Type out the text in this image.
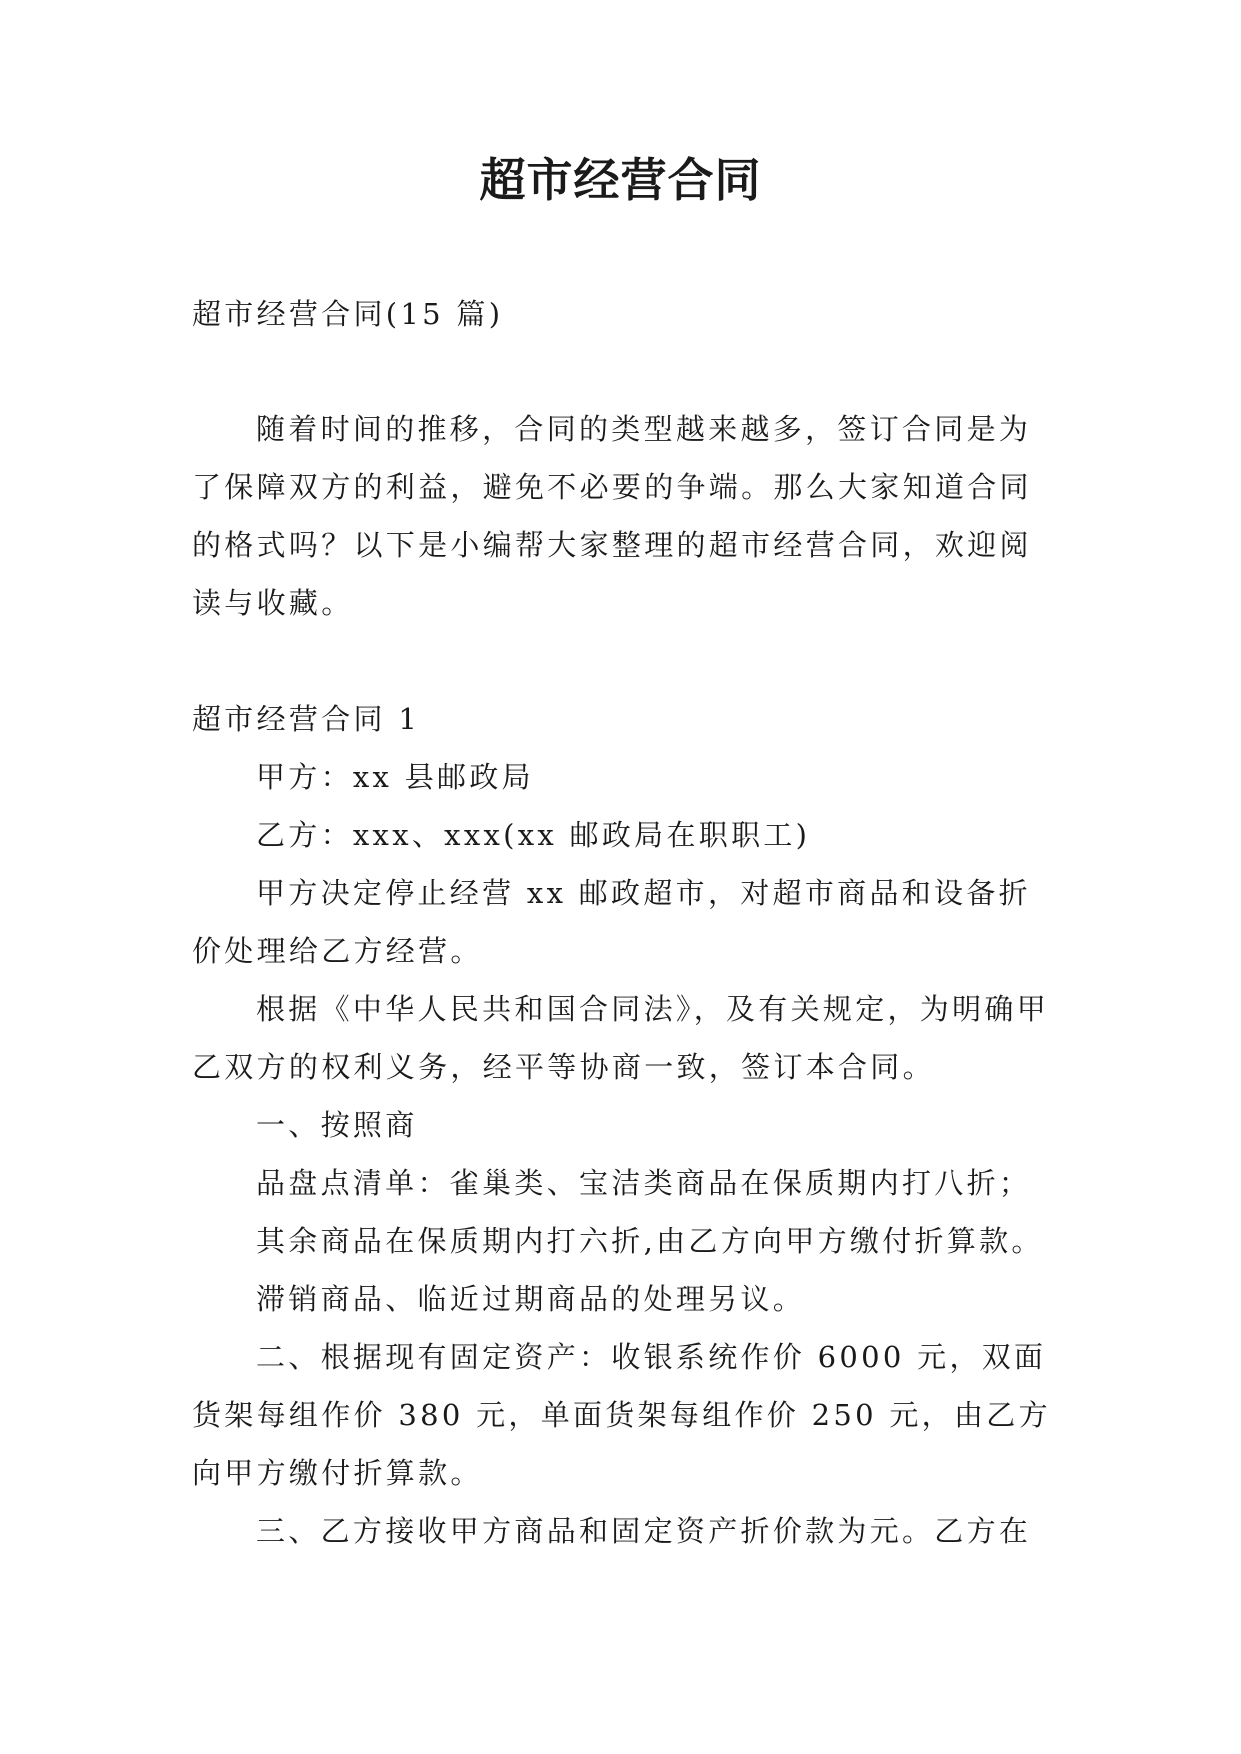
超市经营合同

超市经营合同(15 篇)

随着时间的推移，合同的类型越来越多，签订合同是为了保障双方的利益，避免不必要的争端。那么大家知道合同的格式吗？以下是小编帮大家整理的超市经营合同，欢迎阅读与收藏。

超市经营合同 1

甲方：xx 县邮政局

乙方：xxx、xxx(xx 邮政局在职职工)

甲方决定停止经营 xx 邮政超市，对超市商品和设备折价处理给乙方经营。

根据《中华人民共和国合同法》，及有关规定，为明确甲乙双方的权利义务，经平等协商一致，签订本合同。

一、按照商

品盘点清单：雀巢类、宝洁类商品在保质期内打八折；

其余商品在保质期内打六折,由乙方向甲方缴付折算款。

滞销商品、临近过期商品的处理另议。

二、根据现有固定资产：收银系统作价 6000 元，双面货架每组作价 380 元，单面货架每组作价 250 元，由乙方向甲方缴付折算款。

三、乙方接收甲方商品和固定资产折价款为元。乙方在
